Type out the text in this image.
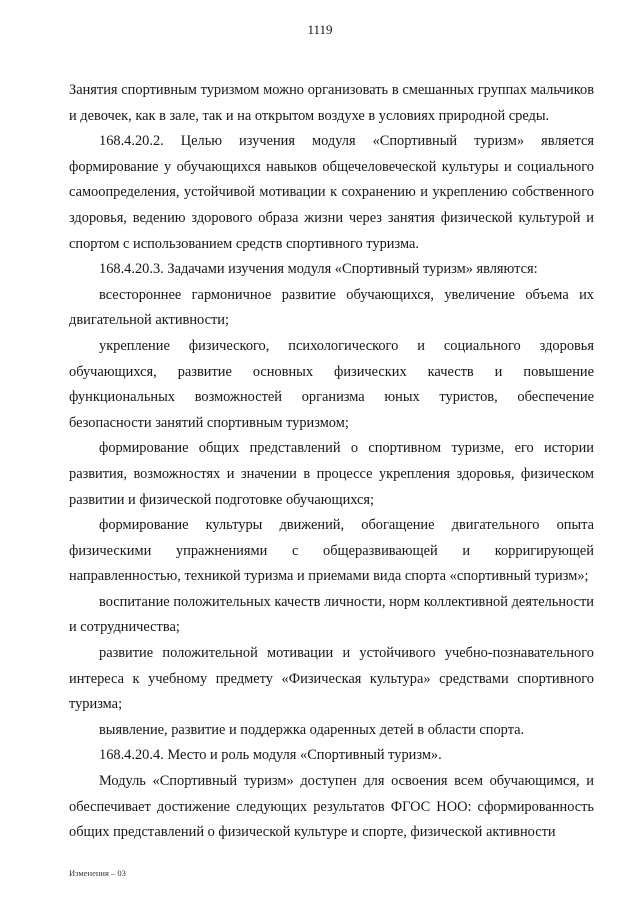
1119

Занятия спортивным туризмом можно организовать в смешанных группах мальчиков и девочек, как в зале, так и на открытом воздухе в условиях природной среды.

168.4.20.2. Целью изучения модуля «Спортивный туризм» является формирование у обучающихся навыков общечеловеческой культуры и социального самоопределения, устойчивой мотивации к сохранению и укреплению собственного здоровья, ведению здорового образа жизни через занятия физической культурой и спортом с использованием средств спортивного туризма.

168.4.20.3. Задачами изучения модуля «Спортивный туризм» являются:

всестороннее гармоничное развитие обучающихся, увеличение объема их двигательной активности;

укрепление физического, психологического и социального здоровья обучающихся, развитие основных физических качеств и повышение функциональных возможностей организма юных туристов, обеспечение безопасности занятий спортивным туризмом;

формирование общих представлений о спортивном туризме, его истории развития, возможностях и значении в процессе укрепления здоровья, физическом развитии и физической подготовке обучающихся;

формирование культуры движений, обогащение двигательного опыта физическими упражнениями с общеразвивающей и корригирующей направленностью, техникой туризма и приемами вида спорта «спортивный туризм»;

воспитание положительных качеств личности, норм коллективной деятельности и сотрудничества;

развитие положительной мотивации и устойчивого учебно-познавательного интереса к учебному предмету «Физическая культура» средствами спортивного туризма;

выявление, развитие и поддержка одаренных детей в области спорта.

168.4.20.4. Место и роль модуля «Спортивный туризм».

Модуль «Спортивный туризм» доступен для освоения всем обучающимся, и обеспечивает достижение следующих результатов ФГОС НОО: сформированность общих представлений о физической культуре и спорте, физической активности

Изменения – 03
